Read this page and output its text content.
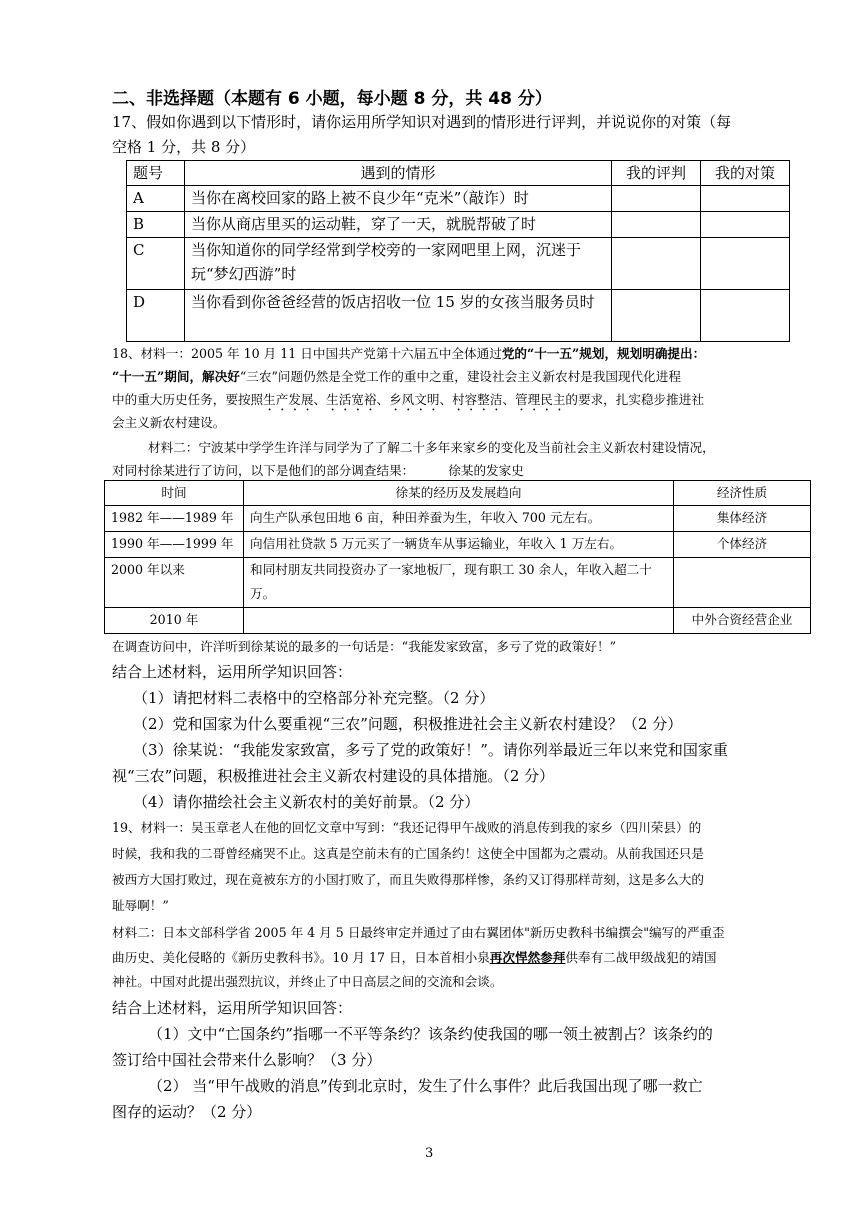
二、非选择题（本题有 6 小题，每小题 8 分，共 48 分）
17、假如你遇到以下情形时，请你运用所学知识对遇到的情形进行评判，并说说你的对策（每
空格 1 分，共 8 分）
题号	遇到的情形	我的评判	我的对策
A	当你在离校回家的路上被不良少年“克米”（敲诈）时		
B	当你从商店里买的运动鞋，穿了一天，就脱帮破了时		
C	当你知道你的同学经常到学校旁的一家网吧里上网，沉迷于玩“梦幻西游”时		
D	当你看到你爸爸经营的饭店招收一位 15 岁的女孩当服务员时		
18、材料一：2005 年 10 月 11 日中国共产党第十六届五中全体通过党的“十一五”规划，规划明确提出：
“十一五”期间，解决好“三农”问题仍然是全党工作的重中之重，建设社会主义新农村是我国现代化进程
中的重大历史任务，要按照生产发展、生活宽裕、乡风文明、村容整洁、管理民主的要求，扎实稳步推进社
会主义新农村建设。
材料二：宁波某中学学生许洋与同学为了了解二十多年来家乡的变化及当前社会主义新农村建设情况，
对同村徐某进行了访问，以下是他们的部分调查结果：	徐某的发家史
时间	徐某的经历及发展趋向	经济性质
1982 年——1989 年	向生产队承包田地 6 亩，种田养蚕为生，年收入 700 元左右。	集体经济
1990 年——1999 年	向信用社贷款 5 万元买了一辆货车从事运输业，年收入 1 万左右。	个体经济
2000 年以来	和同村朋友共同投资办了一家地板厂，现有职工 30 余人，年收入超二十万。	
2010 年		中外合资经营企业
在调查访问中，许洋听到徐某说的最多的一句话是：“我能发家致富，多亏了党的政策好！”
结合上述材料，运用所学知识回答：
（1）请把材料二表格中的空格部分补充完整。（2 分）
（2）党和国家为什么要重视“三农”问题，积极推进社会主义新农村建设？（2 分）
（3）徐某说：“我能发家致富，多亏了党的政策好！”。请你列举最近三年以来党和国家重
视“三农”问题，积极推进社会主义新农村建设的具体措施。（2 分）
（4）请你描绘社会主义新农村的美好前景。（2 分）
19、材料一：吴玉章老人在他的回忆文章中写到：“我还记得甲午战败的消息传到我的家乡（四川荣县）的
时候，我和我的二哥曾经痛哭不止。这真是空前未有的亡国条约！这使全中国都为之震动。从前我国还只是
被西方大国打败过，现在竟被东方的小国打败了，而且失败得那样惨，条约又订得那样苛刻，这是多么大的
耻辱啊！”
材料二：日本文部科学省 2005 年 4 月 5 日最终审定并通过了由右翼团体"新历史教科书编撰会"编写的严重歪
曲历史、美化侵略的《新历史教科书》。10 月 17 日，日本首相小泉再次悍然参拜供奉有二战甲级战犯的靖国
神社。中国对此提出强烈抗议，并终止了中日高层之间的交流和会谈。
结合上述材料，运用所学知识回答：
（1）文中“亡国条约”指哪一不平等条约？该条约使我国的哪一领土被割占？该条约的
签订给中国社会带来什么影响？（3 分）
（2） 当“甲午战败的消息”传到北京时，发生了什么事件？此后我国出现了哪一救亡
图存的运动？（2 分）
3
